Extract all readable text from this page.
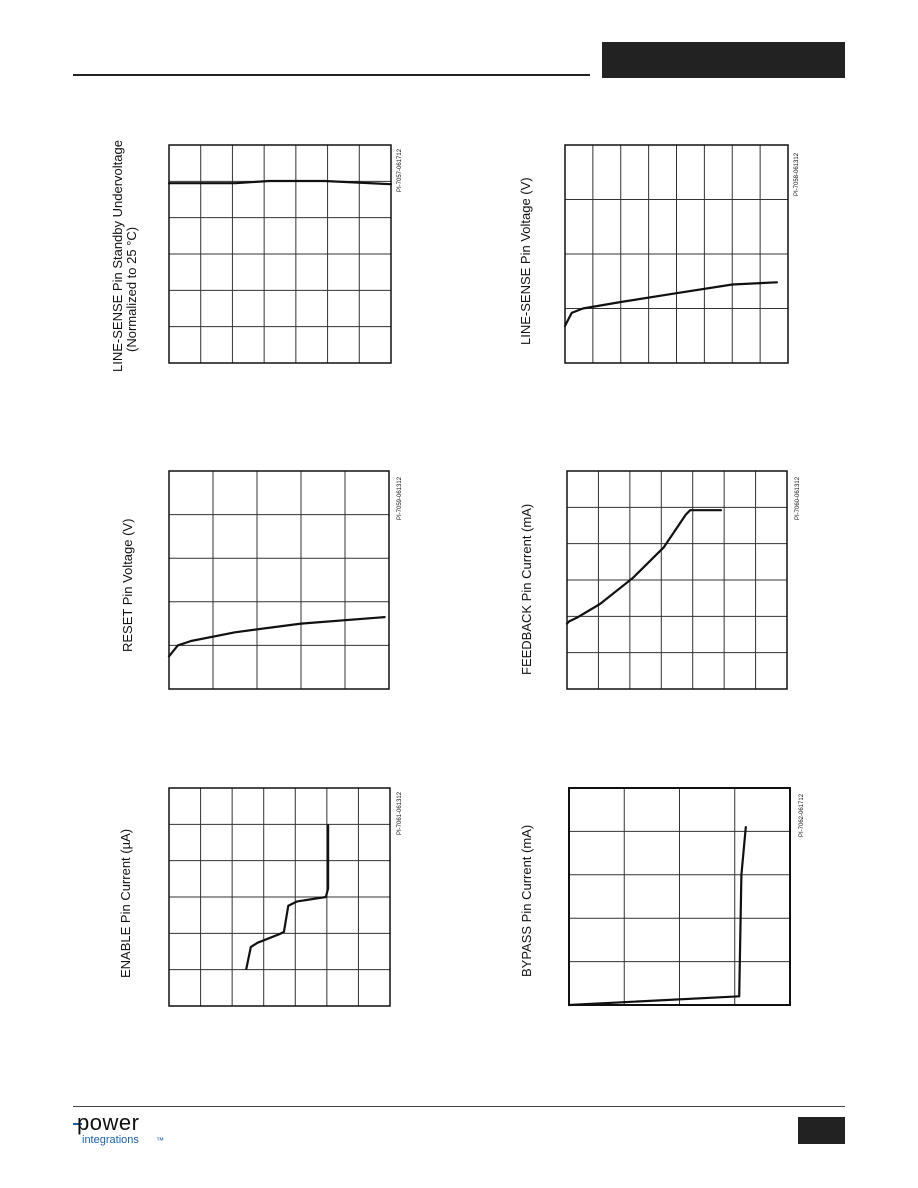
LINE-SENSE Pin Standby Undervoltage (Normalized to 25 °C)
PI-7057-061712
LINE-SENSE Pin Voltage (V)
PI-7058-061312
RESET Pin Voltage (V)
PI-7059-061312
FEEDBACK Pin Current (mA)
PI-7060-061312
ENABLE Pin Current (µA)
PI-7061-061312
BYPASS Pin Current (mA)
PI-7062-061712
power
integrations ™
